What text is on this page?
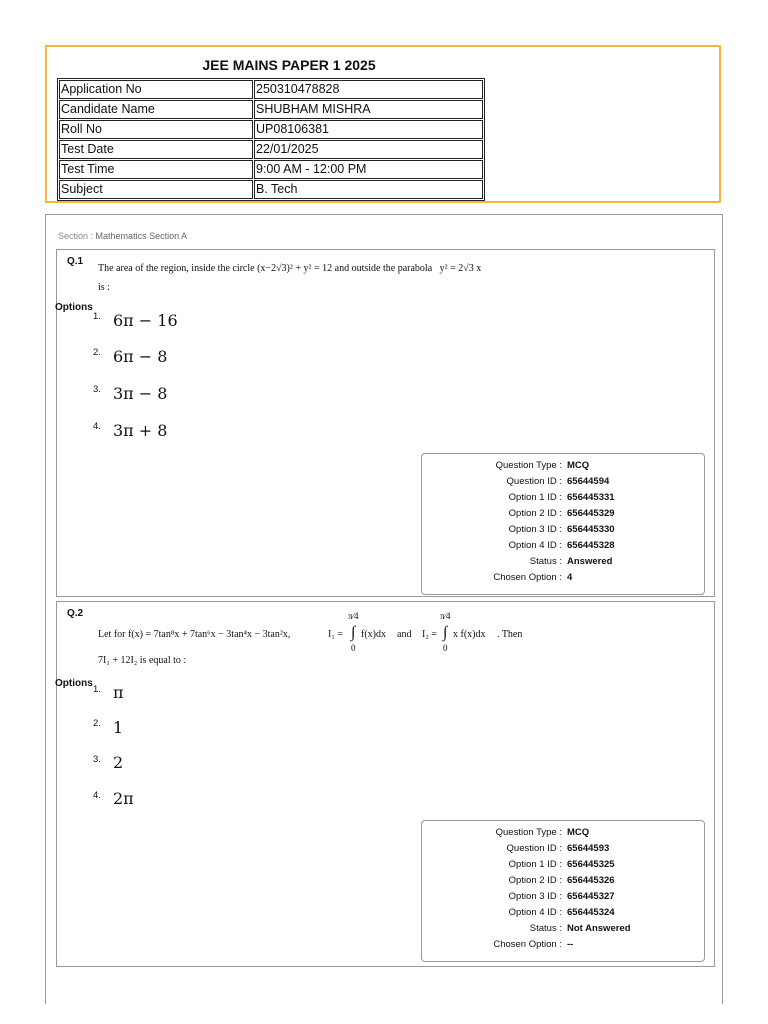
JEE MAINS PAPER 1 2025
Application No	250310478828
Candidate Name	SHUBHAM MISHRA
Roll No	UP08106381
Test Date	22/01/2025
Test Time	9:00 AM - 12:00 PM
Subject	B. Tech
Section : Mathematics Section A
Q.1
The area of the region, inside the circle (x−2√3)² + y² = 12 and outside the parabola   y² = 2√3 x
is :
Options
1. 6π − 16
2. 6π − 8
3. 3π − 8
4. 3π + 8
Question Type : MCQ
Question ID : 65644594
Option 1 ID : 656445331
Option 2 ID : 656445329
Option 3 ID : 656445330
Option 4 ID : 656445328
Status : Answered
Chosen Option : 4
Q.2
Let for f(x) = 7tan⁸x + 7tan⁶x − 3tan⁴x − 3tan²x,	I₁ =
π⁄4
∫
0
f(x)dx and I₂ =
π⁄4
∫
0
x f(x)dx . Then
7I₁ + 12I₂ is equal to :
Options
1. π
2. 1
3. 2
4. 2π
Question Type : MCQ
Question ID : 65644593
Option 1 ID : 656445325
Option 2 ID : 656445326
Option 3 ID : 656445327
Option 4 ID : 656445324
Status : Not Answered
Chosen Option : --
